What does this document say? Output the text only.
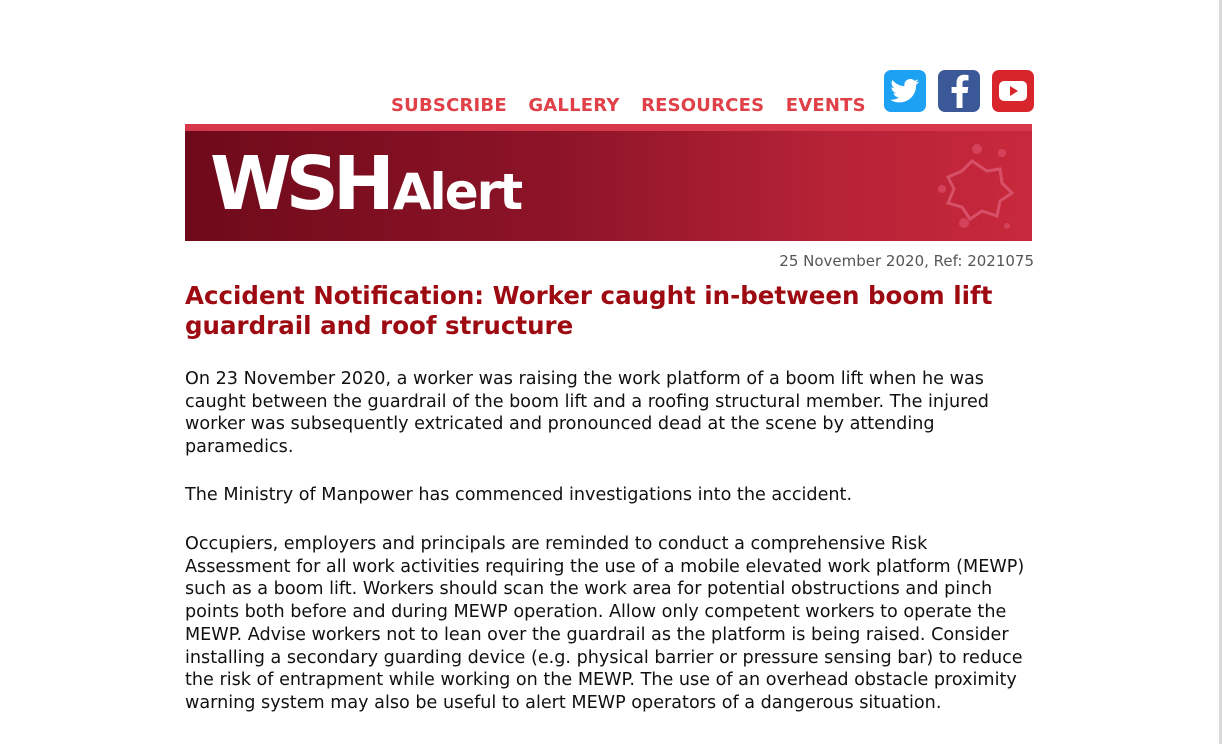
SUBSCRIBE GALLERY RESOURCES EVENTS
WSHAlert
25 November 2020, Ref: 2021075
Accident Notification: Worker caught in-between boom lift guardrail and roof structure

On 23 November 2020, a worker was raising the work platform of a boom lift when he was caught between the guardrail of the boom lift and a roofing structural member. The injured worker was subsequently extricated and pronounced dead at the scene by attending paramedics.

The Ministry of Manpower has commenced investigations into the accident.

Occupiers, employers and principals are reminded to conduct a comprehensive Risk Assessment for all work activities requiring the use of a mobile elevated work platform (MEWP) such as a boom lift. Workers should scan the work area for potential obstructions and pinch points both before and during MEWP operation. Allow only competent workers to operate the MEWP. Advise workers not to lean over the guardrail as the platform is being raised. Consider installing a secondary guarding device (e.g. physical barrier or pressure sensing bar) to reduce the risk of entrapment while working on the MEWP. The use of an overhead obstacle proximity warning system may also be useful to alert MEWP operators of a dangerous situation.
